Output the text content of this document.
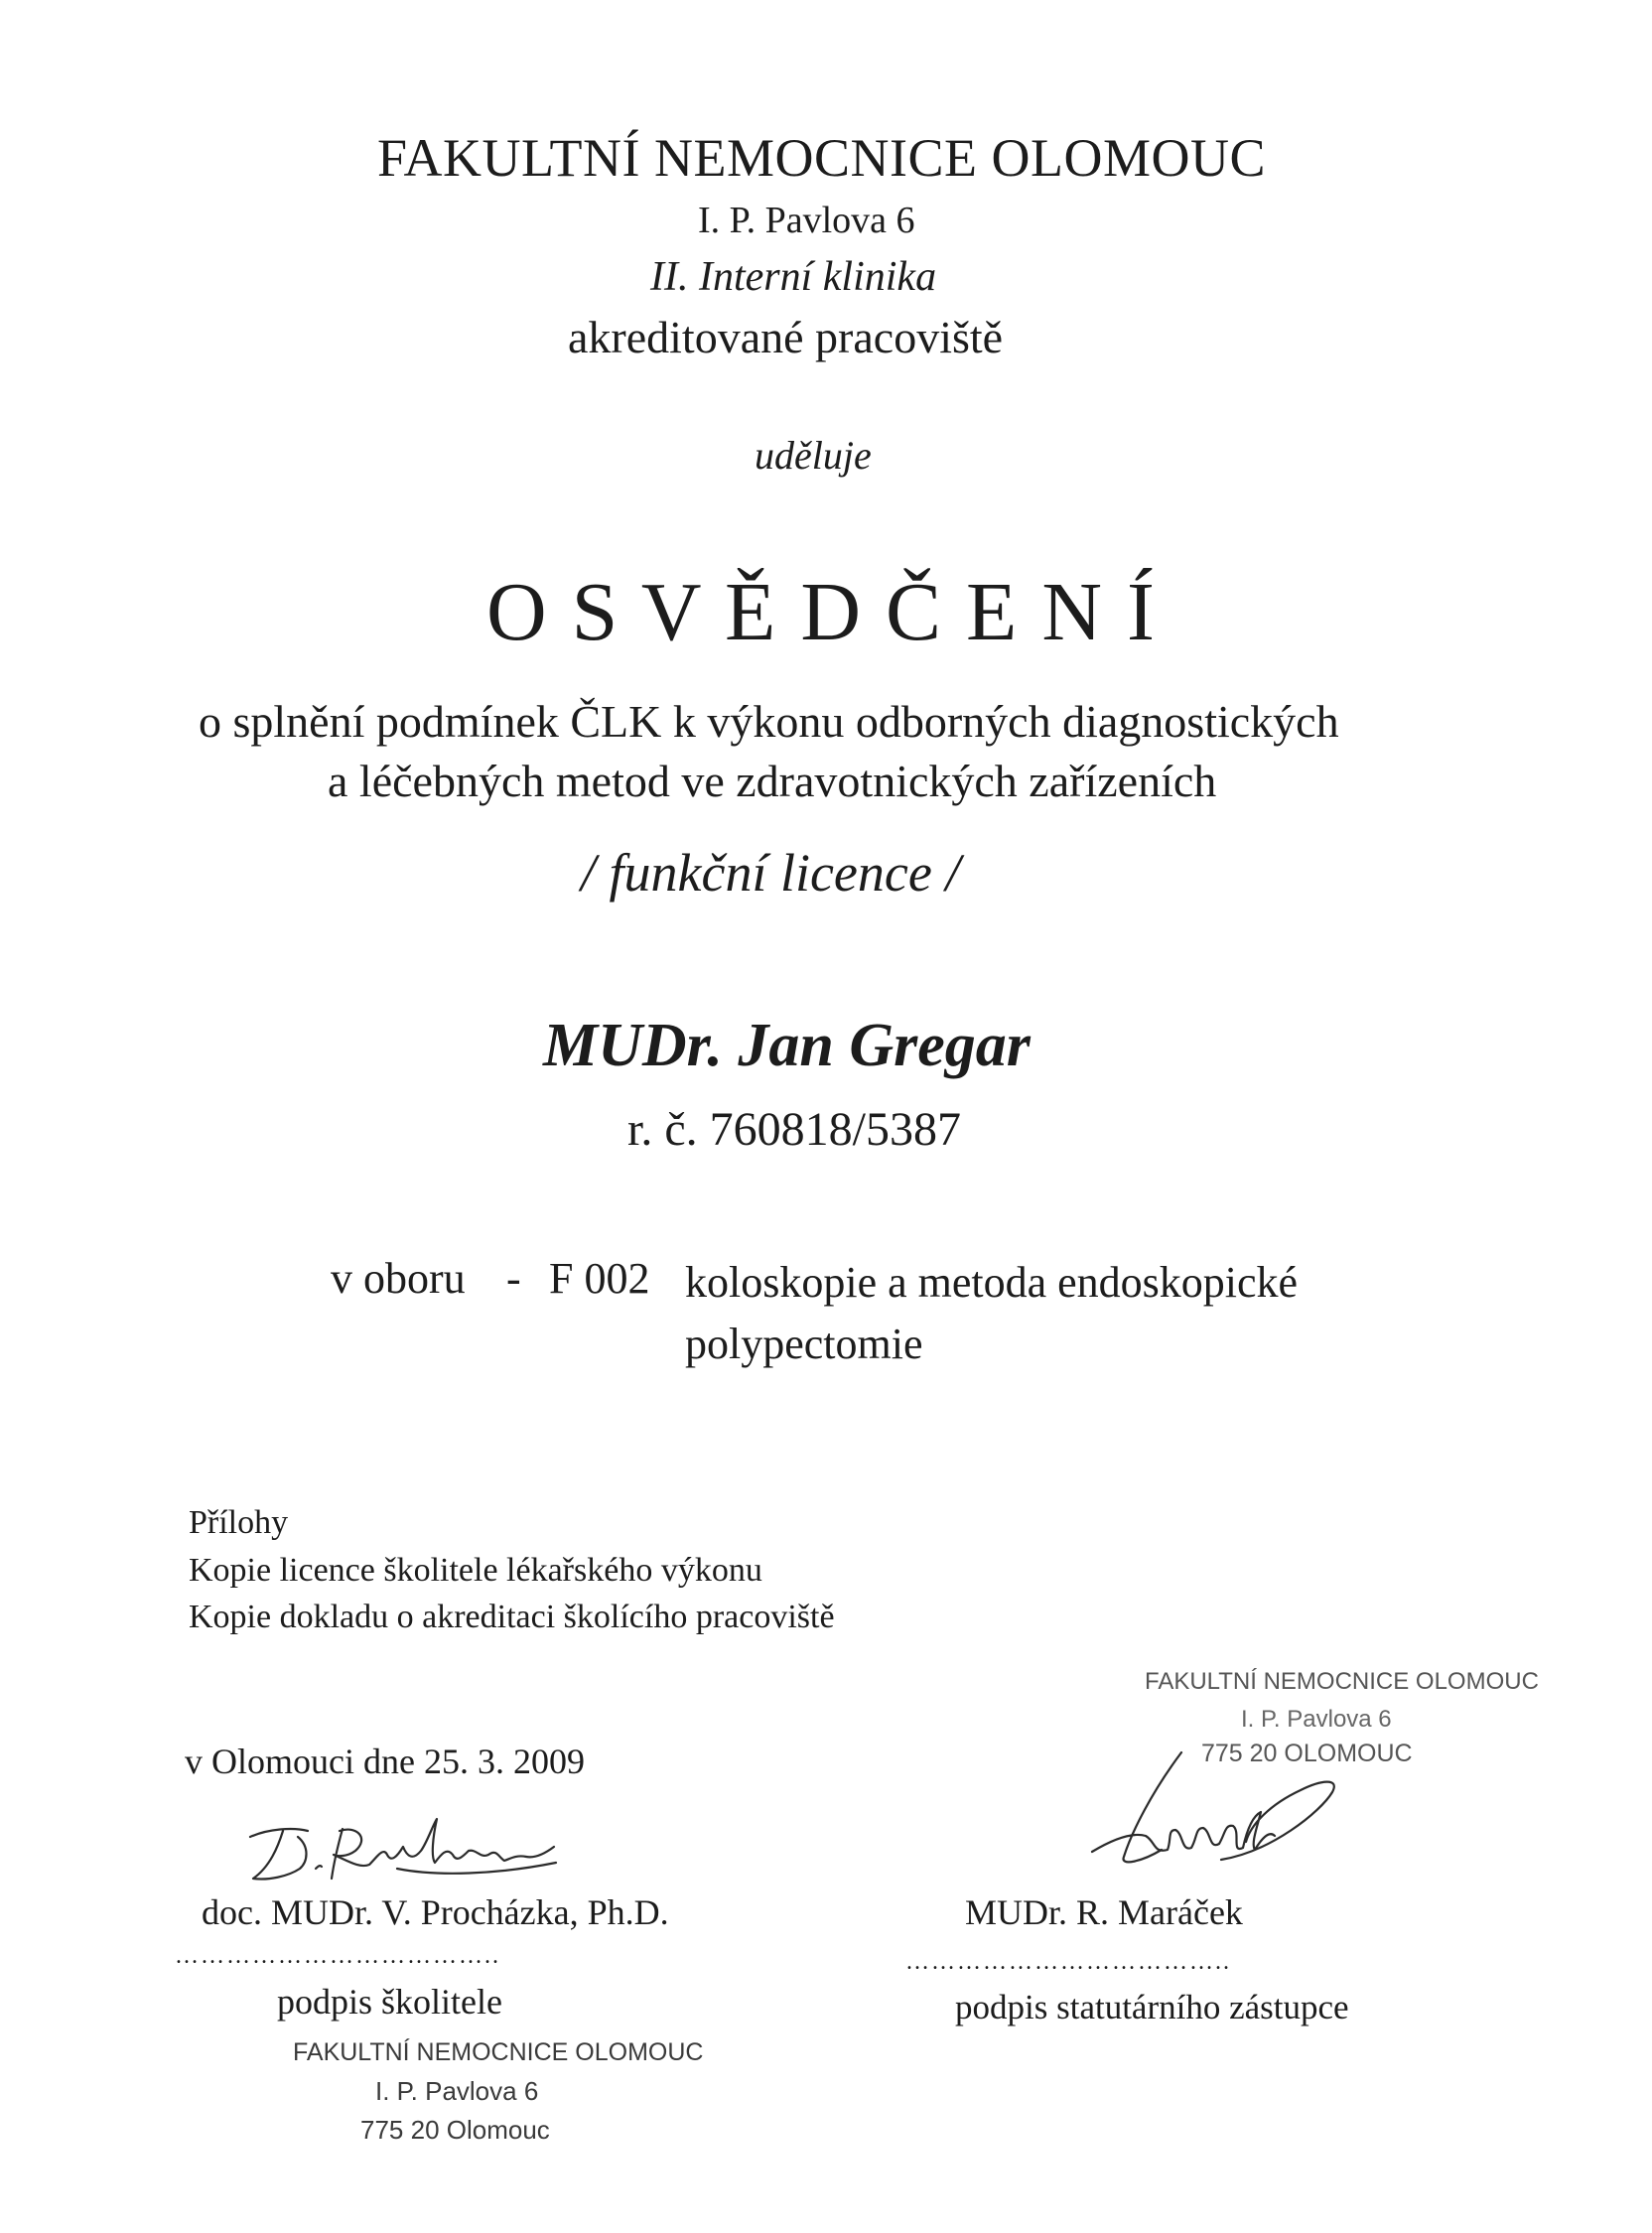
FAKULTNÍ NEMOCNICE OLOMOUC
I. P. Pavlova 6
II. Interní klinika
akreditované pracoviště
uděluje
O S V Ě D Č E N Í
o splnění podmínek ČLK k výkonu odborných diagnostických
a léčebných metod ve zdravotnických zařízeních
/ funkční licence /
MUDr. Jan Gregar
r. č. 760818/5387
v oboru - F 002 koloskopie a metoda endoskopické
polypectomie
Přílohy
Kopie licence školitele lékařského výkonu
Kopie dokladu o akreditaci školícího pracoviště
v Olomouci dne 25. 3. 2009
doc. MUDr. V. Procházka, Ph.D.
………………………………..
podpis školitele
FAKULTNÍ NEMOCNICE OLOMOUC
I. P. Pavlova 6
775 20 Olomouc
FAKULTNÍ NEMOCNICE OLOMOUC
I. P. Pavlova 6
775 20 OLOMOUC
MUDr. R. Maráček
………………………………..
podpis statutárního zástupce
